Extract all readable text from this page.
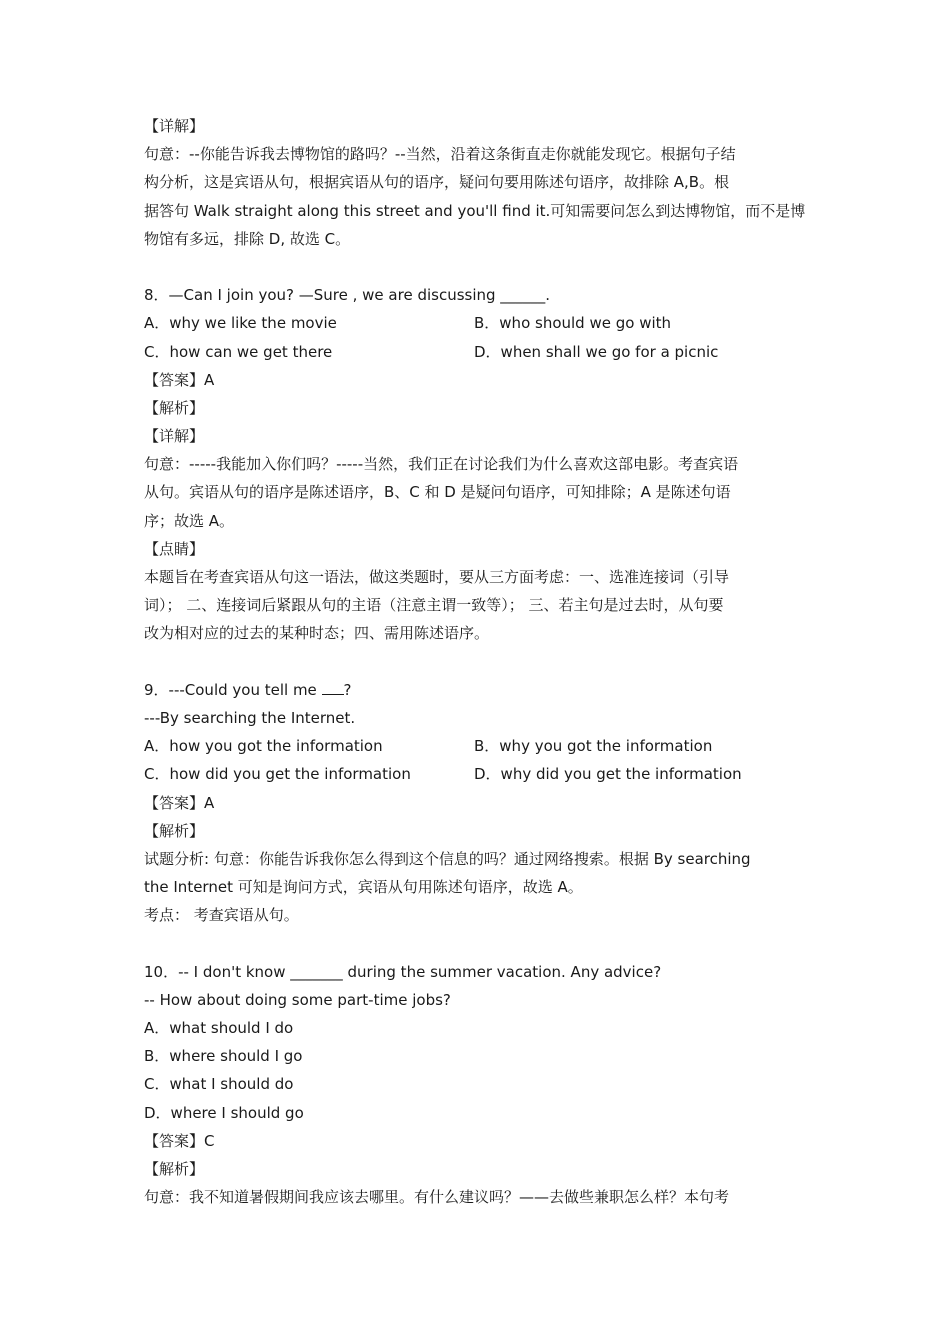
【详解】
句意：--你能告诉我去博物馆的路吗？--当然，沿着这条街直走你就能发现它。根据句子结
构分析，这是宾语从句，根据宾语从句的语序，疑问句要用陈述句语序，故排除 A,B。根
据答句 Walk straight along this street and you'll find it.可知需要问怎么到达博物馆，而不是博
物馆有多远，排除 D, 故选 C。
8．—Can I join you? —Sure , we are discussing ______.
A．why we like the movie	B．who should we go with
C．how can we get there	D．when shall we go for a picnic
【答案】A
【解析】
【详解】
句意：-----我能加入你们吗？-----当然，我们正在讨论我们为什么喜欢这部电影。考查宾语
从句。宾语从句的语序是陈述语序，B、C 和 D 是疑问句语序，可知排除；A 是陈述句语
序；故选 A。
【点睛】
本题旨在考查宾语从句这一语法，做这类题时，要从三方面考虑：一、选准连接词（引导
词）； 二、连接词后紧跟从句的主语（注意主谓一致等）； 三、若主句是过去时，从句要
改为相对应的过去的某种时态；四、需用陈述语序。
9．---Could you tell me ?
---By searching the Internet.
A．how you got the information	B．why you got the information
C．how did you get the information	D．why did you get the information
【答案】A
【解析】
试题分析: 句意：你能告诉我你怎么得到这个信息的吗？通过网络搜索。根据 By searching
the Internet 可知是询问方式，宾语从句用陈述句语序，故选 A。
考点： 考查宾语从句。
10．-- I don't know _______ during the summer vacation. Any advice?
-- How about doing some part-time jobs?
A．what should I do
B．where should I go
C．what I should do
D．where I should go
【答案】C
【解析】
句意：我不知道暑假期间我应该去哪里。有什么建议吗？——去做些兼职怎么样？本句考
